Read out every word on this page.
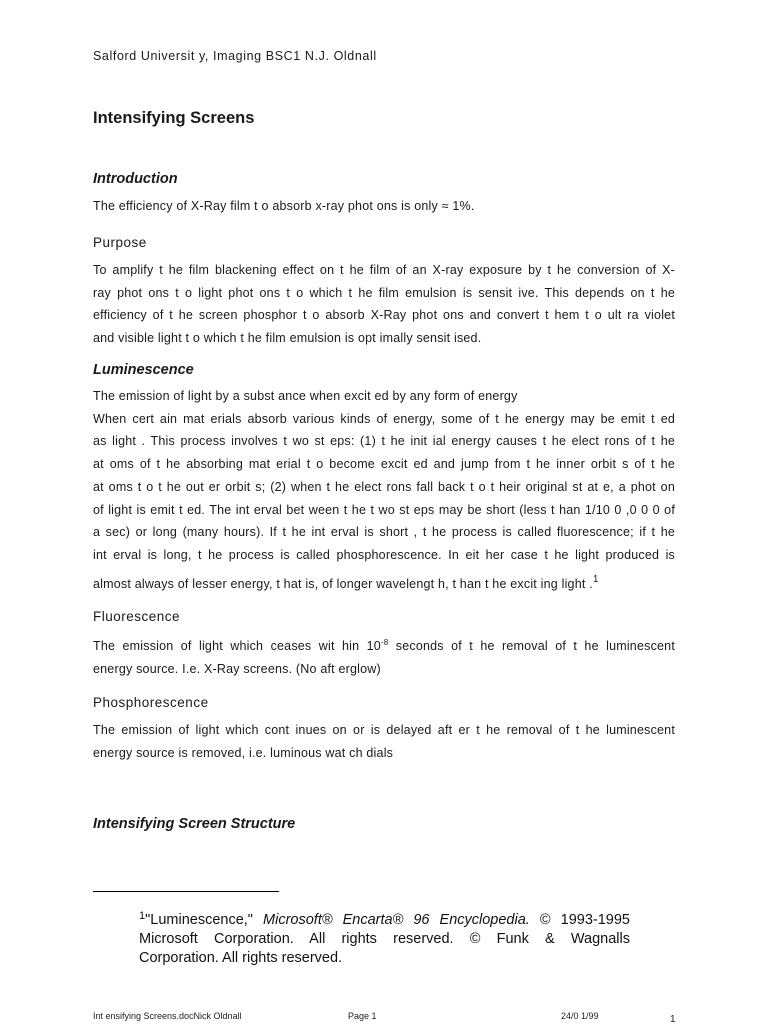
Salford Universit y, Imaging BSC1 N.J. Oldnall
Intensifying Screens
Introduction
The efficiency of X-Ray film t o absorb x-ray phot ons is only ≈ 1%.
Purpose
To amplify t he film blackening effect on t he film of an X-ray exposure by t he conversion of X-
ray phot ons t o light phot ons t o which t he film emulsion is sensit ive. This depends on t he
efficiency of t he screen phosphor t o absorb X-Ray phot ons and convert t hem t o ult ra violet
and visible light t o which t he film emulsion is opt imally sensit ised.
Luminescence
The emission of light by a subst ance when excit ed by any form of energy
When cert ain mat erials absorb various kinds of energy, some of t he energy may be emit t ed
as light . This process involves t wo st eps: (1) t he init ial energy causes t he elect rons of t he
at oms of t he absorbing mat erial t o become excit ed and jump from t he inner orbit s of t he
at oms t o t he out er orbit s; (2) when t he elect rons fall back t o t heir original st at e, a phot on
of light is emit t ed. The int erval bet ween t he t wo st eps may be short (less t han 1/10 0 ,0 0 0 of
a sec) or long (many hours). If t he int erval is short , t he process is called fluorescence; if t he
int erval is long, t he process is called phosphorescence. In eit her case t he light produced is
almost always of lesser energy, t hat is, of longer wavelengt h, t han t he excit ing light .$^1$
Fluorescence
The emission of light which ceases wit hin $10^{-8}$ seconds of t he removal of t he luminescent
energy source. I.e. X-Ray screens. (No aft erglow)
Phosphorescence
The emission of light which cont inues on or is delayed aft er t he removal of t he luminescent
energy source is removed, i.e. luminous wat ch dials
Intensifying Screen Structure
$^1$"Luminescence," Microsoft® Encarta® 96 Encyclopedia. © 1993-1995
Microsoft Corporation. All rights reserved. © Funk & Wagnalls
Corporation. All rights reserved.
Int ensifying Screens.docNick Oldnall	Page 1	24/0 1/99	1
